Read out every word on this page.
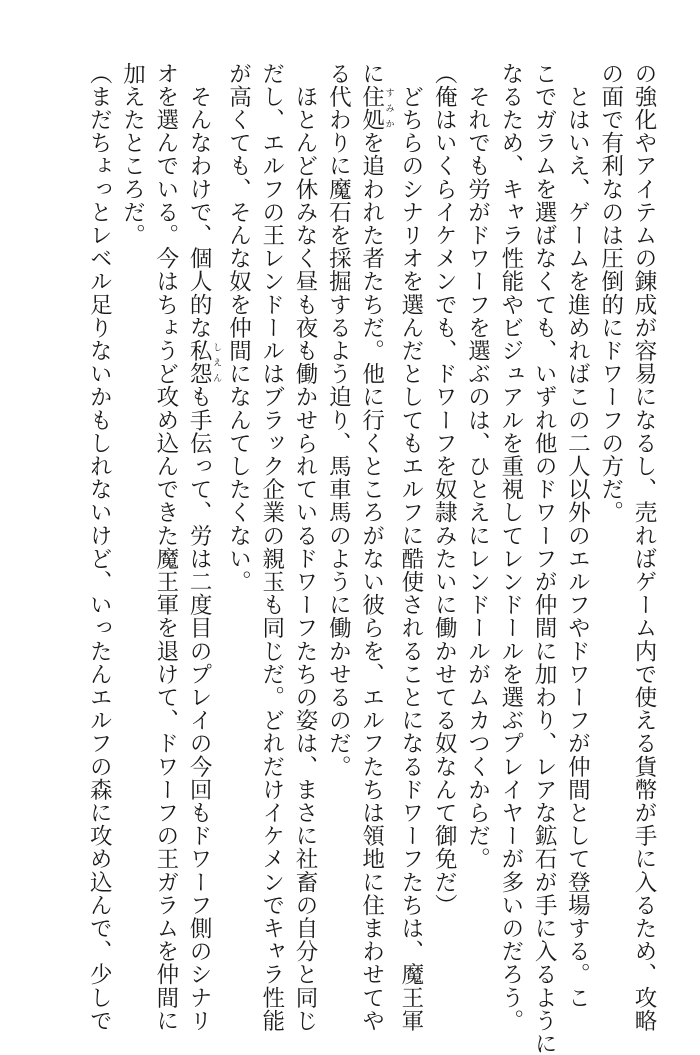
の強化やアイテムの錬成が容易になるし、売ればゲーム内で使える貨幣が手に入るため、攻略
の面で有利なのは圧倒的にドワーフの方だ。
　とはいえ、ゲームを進めればこの二人以外のエルフやドワーフが仲間として登場する。こ
こでガラムを選ばなくても、いずれ他のドワーフが仲間に加わり、レアな鉱石が手に入るように
なるため、キャラ性能やビジュアルを重視してレンドールを選ぶプレイヤーが多いのだろう。
　それでも労がドワーフを選ぶのは、ひとえにレンドールがムカつくからだ。
（俺はいくらイケメンでも、ドワーフを奴隷みたいに働かせてる奴なんて御免だ）
　どちらのシナリオを選んだとしてもエルフに酷使されることになるドワーフたちは、魔王軍
に住処 すみかを追われた者たちだ。他に行くところがない彼らを、エルフたちは領地に住まわせてや
る代わりに魔石を採掘するよう迫り、馬車馬のように働かせるのだ。
　ほとんど休みなく昼も夜も働かせられているドワーフたちの姿は、まさに社畜の自分と同じ
だし、エルフの王レンドールはブラック企業の親玉も同じだ。どれだけイケメンでキャラ性能
が高くても、そんな奴を仲間になんてしたくない。
　そんなわけで、個人的な私怨 しえんも手伝って、労は二度目のプレイの今回もドワーフ側のシナリ
オを選んでいる。今はちょうど攻め込んできた魔王軍を退けて、ドワーフの王ガラムを仲間に
加えたところだ。
（まだちょっとレベル足りないかもしれないけど、いったんエルフの森に攻め込んで、少しで
